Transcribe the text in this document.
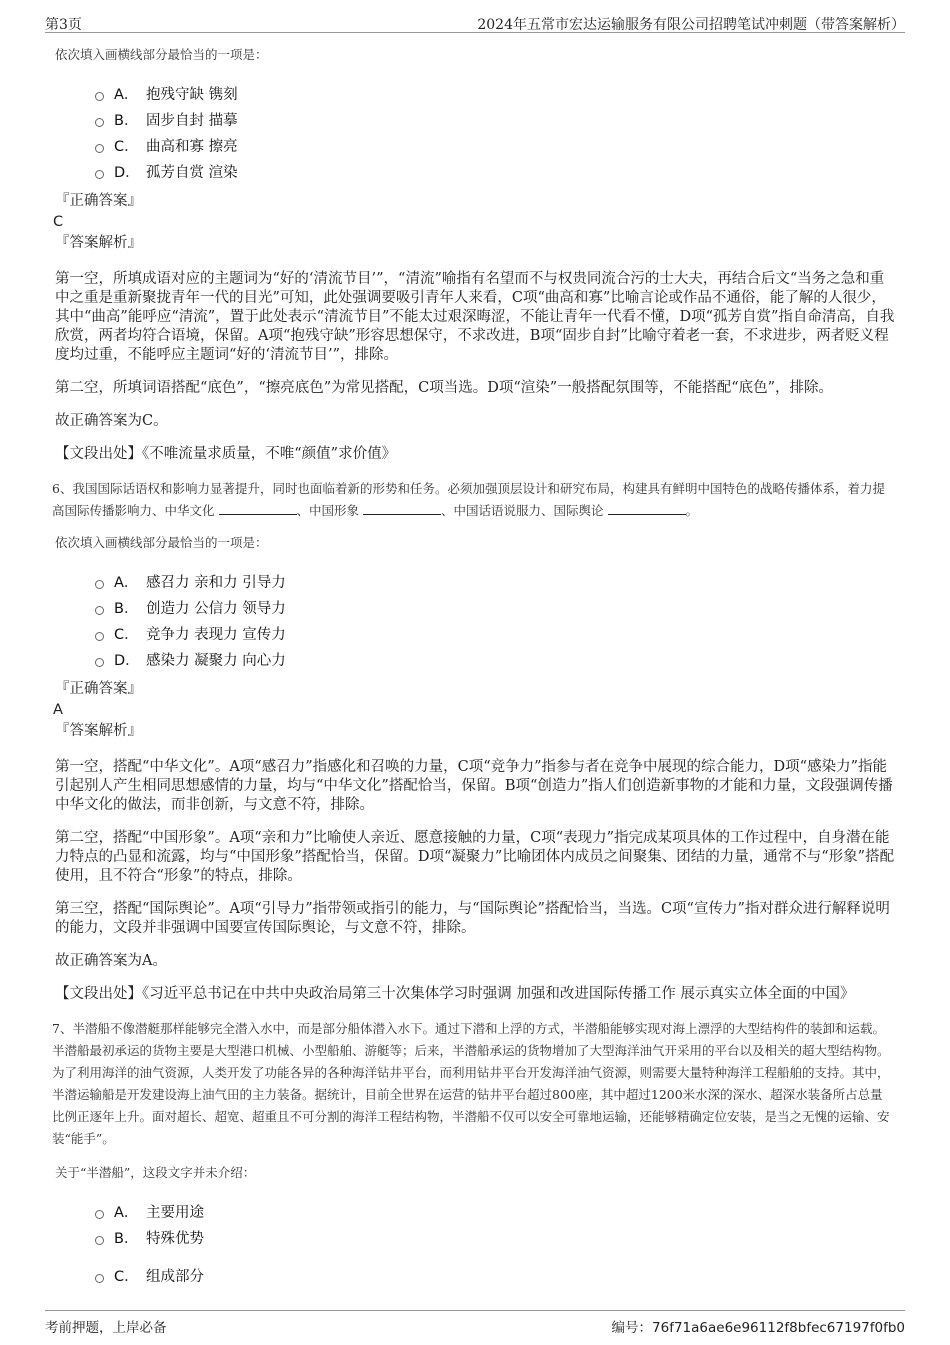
第3页	2024年五常市宏达运输服务有限公司招聘笔试冲刺题（带答案解析）
依次填入画横线部分最恰当的一项是：
A． 抱残守缺 镌刻
B． 固步自封 描摹
C． 曲高和寡 擦亮
D． 孤芳自赏 渲染
『正确答案』
C
『答案解析』
第一空，所填成语对应的主题词为“好的‘清流节目’”，“清流”喻指有名望而不与权贵同流合污的士大夫，再结合后文“当务之急和重中之重是重新聚拢青年一代的目光”可知，此处强调要吸引青年人来看，C项“曲高和寡”比喻言论或作品不通俗，能了解的人很少，其中“曲高”能呼应“清流”，置于此处表示“清流节目”不能太过艰深晦涩，不能让青年一代看不懂，D项“孤芳自赏”指自命清高，自我欣赏，两者均符合语境，保留。A项“抱残守缺”形容思想保守，不求改进，B项“固步自封”比喻守着老一套，不求进步，两者贬义程度均过重，不能呼应主题词“好的‘清流节目’”，排除。
第二空，所填词语搭配“底色”，“擦亮底色”为常见搭配，C项当选。D项“渲染”一般搭配氛围等，不能搭配“底色”，排除。
故正确答案为C。
【文段出处】《不唯流量求质量，不唯“颜值”求价值》
6、我国国际话语权和影响力显著提升，同时也面临着新的形势和任务。必须加强顶层设计和研究布局，构建具有鲜明中国特色的战略传播体系，着力提高国际传播影响力、中华文化	、中国形象	、中国话语说服力、国际舆论	。
依次填入画横线部分最恰当的一项是：
A． 感召力 亲和力 引导力
B． 创造力 公信力 领导力
C． 竞争力 表现力 宣传力
D． 感染力 凝聚力 向心力
『正确答案』
A
『答案解析』
第一空，搭配“中华文化”。A项“感召力”指感化和召唤的力量，C项“竞争力”指参与者在竞争中展现的综合能力，D项“感染力”指能引起别人产生相同思想感情的力量，均与“中华文化”搭配恰当，保留。B项“创造力”指人们创造新事物的才能和力量，文段强调传播中华文化的做法，而非创新，与文意不符，排除。
第二空，搭配“中国形象”。A项“亲和力”比喻使人亲近、愿意接触的力量，C项“表现力”指完成某项具体的工作过程中，自身潜在能力特点的凸显和流露，均与“中国形象”搭配恰当，保留。D项“凝聚力”比喻团体内成员之间聚集、团结的力量，通常不与“形象”搭配使用，且不符合“形象”的特点，排除。
第三空，搭配“国际舆论”。A项“引导力”指带领或指引的能力，与“国际舆论”搭配恰当，当选。C项“宣传力”指对群众进行解释说明的能力，文段并非强调中国要宣传国际舆论，与文意不符，排除。
故正确答案为A。
【文段出处】《习近平总书记在中共中央政治局第三十次集体学习时强调 加强和改进国际传播工作 展示真实立体全面的中国》
7、半潜船不像潜艇那样能够完全潜入水中，而是部分船体潜入水下。通过下潜和上浮的方式，半潜船能够实现对海上漂浮的大型结构件的装卸和运载。半潜船最初承运的货物主要是大型港口机械、小型船舶、游艇等；后来，半潜船承运的货物增加了大型海洋油气开采用的平台以及相关的超大型结构物。为了利用海洋的油气资源，人类开发了功能各异的各种海洋钻井平台，而利用钻井平台开发海洋油气资源，则需要大量特种海洋工程船舶的支持。其中，半潜运输船是开发建设海上油气田的主力装备。据统计，目前全世界在运营的钻井平台超过800座，其中超过1200米水深的深水、超深水装备所占总量比例正逐年上升。面对超长、超宽、超重且不可分割的海洋工程结构物，半潜船不仅可以安全可靠地运输，还能够精确定位安装，是当之无愧的运输、安装“能手”。
关于“半潜船”，这段文字并未介绍：
A． 主要用途
B． 特殊优势
C． 组成部分
考前押题，上岸必备	编号：76f71a6ae6e96112f8bfec67197f0fb0
